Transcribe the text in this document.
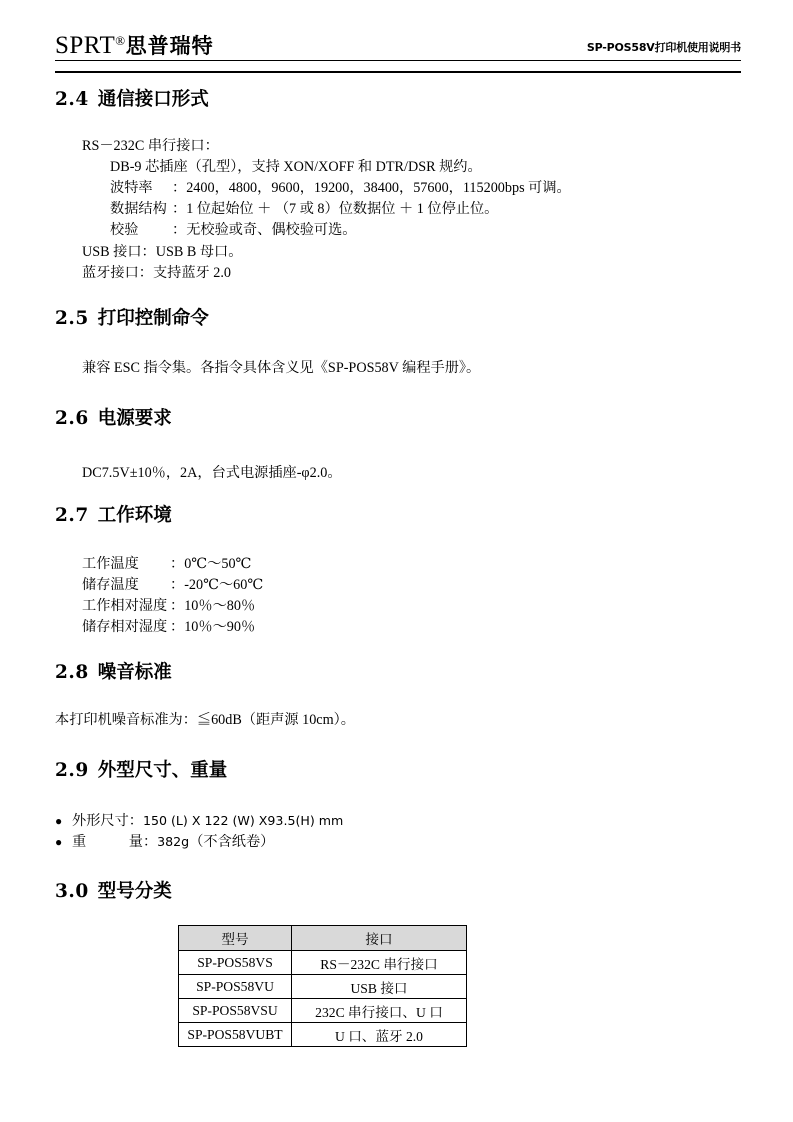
SPRT®思普瑞特	SP-POS58V打印机使用说明书
2.4 通信接口形式

RS－232C 串行接口：

DB-9 芯插座（孔型），支持 XON/XOFF 和 DTR/DSR 规约。

波特率 ：2400，4800，9600，19200，38400，57600，115200bps 可调。
数据结构 ：1 位起始位 ＋ （7 或 8）位数据位 ＋ 1 位停止位。
校验 ：无校验或奇、偶校验可选。

USB 接口：USB B 母口。

蓝牙接口：支持蓝牙 2.0

2.5 打印控制命令

兼容 ESC 指令集。各指令具体含义见《SP-POS58V 编程手册》。

2.6 电源要求

DC7.5V±10％，2A，台式电源插座-φ2.0。

2.7 工作环境
工作温度 ：0℃～50℃
储存温度 ：-20℃～60℃
工作相对湿度 ：10％～80％
储存相对湿度 ：10％～90％
2.8 噪音标准

本打印机噪音标准为：≦60dB（距声源 10cm）。

2.9 外型尺寸、重量
● 外形尺寸：150 (L) X 122 (W) X93.5(H) mm
● 重　　　量：382g（不含纸卷）
3.0 型号分类
型号	接口
SP-POS58VS	RS－232C 串行接口
SP-POS58VU	USB 接口
SP-POS58VSU	232C 串行接口、U 口
SP-POS58VUBT	U 口、蓝牙 2.0
